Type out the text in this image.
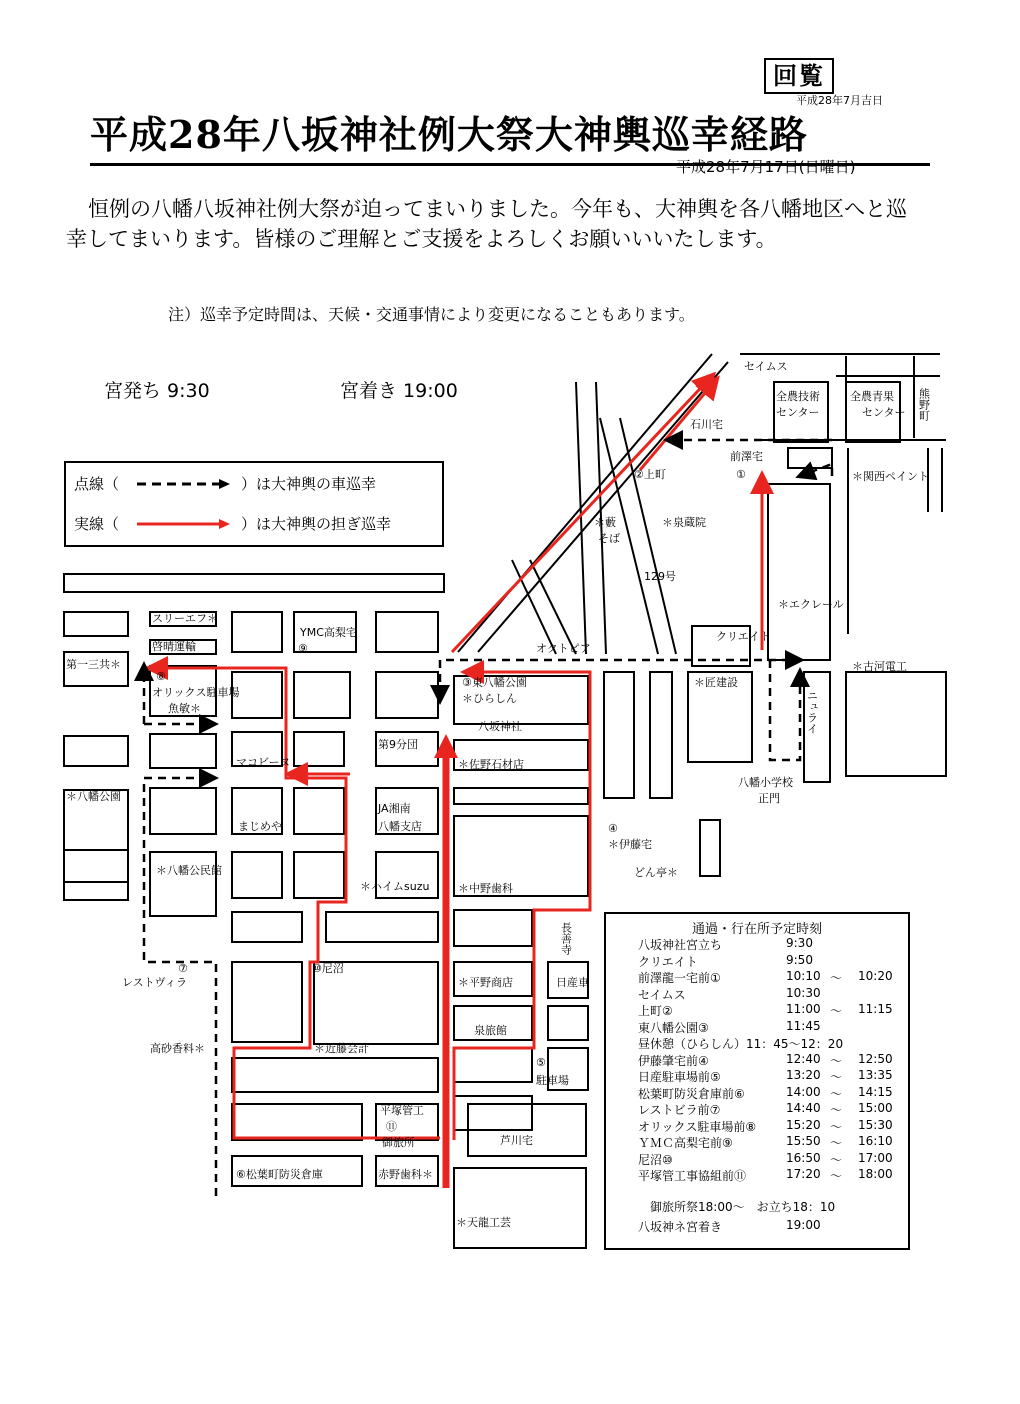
回覧
平成28年7月吉日
平成28年八坂神社例大祭大神輿巡幸経路
平成28年7月17日(日曜日)
恒例の八幡八坂神社例大祭が迫ってまいりました。今年も、大神輿を各八幡地区へと巡幸してまいります。皆様のご理解とご支援をよろしくお願いいいたします。
注）巡幸予定時間は、天候・交通事情により変更になることもあります。
セイムス
全農技術
センター
全農青果
センター
石川宅
前澤宅
②上町	①	＊関西ペイント
＊藪
そば
＊泉蔵院
129号
＊エクレール
スリーエフ＊
啓晴運輸
YMC高梨宅
⑨
第一三共＊
⑧
オリックス駐車場
魚敏＊
オクトピア
クリエイト
＊古河電工
③東八幡公園
＊ひらしん
＊匠建設
ニュライ
八坂神社
第9分団
＊佐野石材店
マコビーヌ
＊八幡公園
八幡小学校
正門
まじめや
JA湘南
八幡支店	④
＊伊藤宅
どん亭＊
＊八幡公民館
＊ハイムsuzu	＊中野歯科
長善寺
⑦
レストヴィラ
⑩尼沼
＊平野商店	日産車
高砂香料＊	＊近藤会計
泉旅館
⑤
駐車場
平塚管工
⑪
御旅所	芦川宅
⑥松葉町防災倉庫	赤野歯科＊
＊天龍工芸
熊野町
宮発ち 9:30	宮着き 19:00
点線（	）は大神輿の車巡幸
実線（	）は大神輿の担ぎ巡幸
通過・行在所予定時刻
八坂神社宮立ち	9:30
クリエイト	9:50
前澤龍一宅前①	10:10 ～ 10:20
セイムス	10:30
上町②	11:00 ～ 11:15
東八幡公園③	11:45
昼休憩（ひらしん）11：45～12：20
伊藤肇宅前④	12:40 ～ 12:50
日産駐車場前⑤	13:20 ～ 13:35
松葉町防災倉庫前⑥	14:00 ～ 14:15
レストビラ前⑦	14:40 ～ 15:00
オリックス駐車場前⑧ 15:20 ～ 15:30
ＹＭＣ高梨宅前⑨	15:50 ～ 16:10
尼沼⑩	16:50 ～ 17:00
平塚管工事協組前⑪	17:20 ～ 18:00
御旅所祭18:00～　お立ち18：10
八坂神ネ宮着き	19:00
